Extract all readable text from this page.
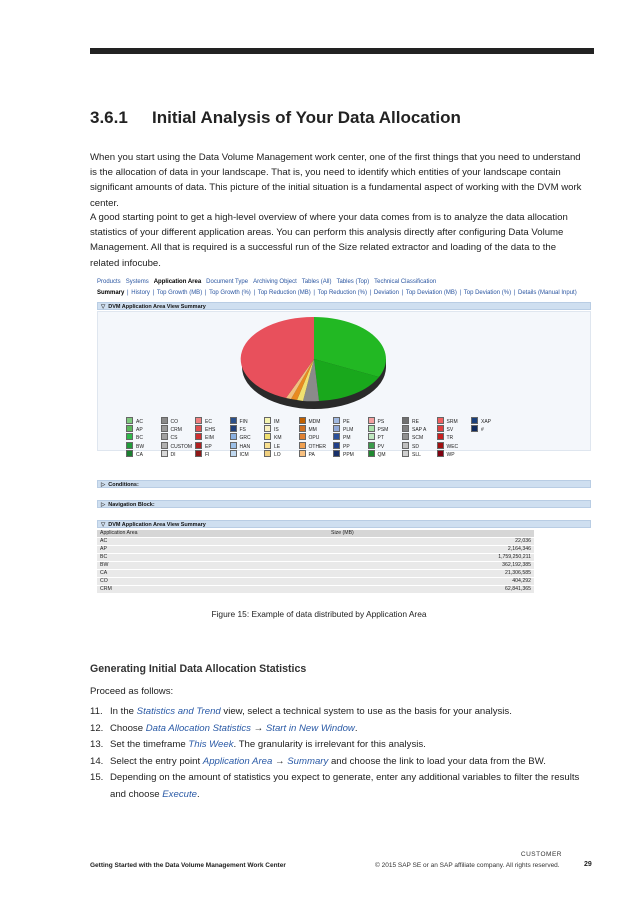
3.6.1 Initial Analysis of Your Data Allocation

When you start using the Data Volume Management work center, one of the first things that you need to understand is the allocation of data in your landscape. That is, you need to identify which entities of your landscape contain significant amounts of data. This picture of the initial situation is a fundamental aspect of working with the DVM work center.

A good starting point to get a high-level overview of where your data comes from is to analyze the data allocation statistics of your different application areas. You can perform this analysis directly after configuring Data Volume Management. All that is required is a successful run of the Size related extractor and loading of the data to the related infocube.

Products Systems Application Area Document Type Archiving Object Tables (All) Tables (Top) Technical Classification
Summary | History | Top Growth (MB) | Top Growth (%) | Top Reduction (MB) | Top Reduction (%) | Deviation | Top Deviation (MB) | Top Deviation (%) | Details (Manual Input)
▽ DVM Application Area View Summary
AC	CO	EC	FIN	IM	MDM	PE	PS	RE	SRM	XAP
AP	CRM	EHS	FS	IS	MM	PLM	PSM	SAP A	SV	#
BC	CS	EIM	GRC	KM	OPU	PM	PT	SCM	TR
BW	CUSTOM	EP	HAN	LE	OTHER	PP	PV	SD	WEC
CA	DI	FI	ICM	LO	PA	PPM	QM	SLL	WP
▷ Conditions:
▷ Navigation Block:
▽ DVM Application Area View Summary
Application Area	Size (MB)
AC	22,036
AP	2,164,346
BC	1,759,250,211
BW	362,192,385
CA	21,306,585
CO	404,292
CRM	62,841,365
Figure 15: Example of data distributed by Application Area
Generating Initial Data Allocation Statistics

Proceed as follows:

11. In the Statistics and Trend view, select a technical system to use as the basis for your analysis.
12. Choose Data Allocation Statistics → Start in New Window.
13. Set the timeframe This Week. The granularity is irrelevant for this analysis.
14. Select the entry point Application Area → Summary and choose the link to load your data from the BW.
15. Depending on the amount of statistics you expect to generate, enter any additional variables to filter the results and choose Execute.
CUSTOMER
Getting Started with the Data Volume Management Work Center	© 2015 SAP SE or an SAP affiliate company. All rights reserved.	29
